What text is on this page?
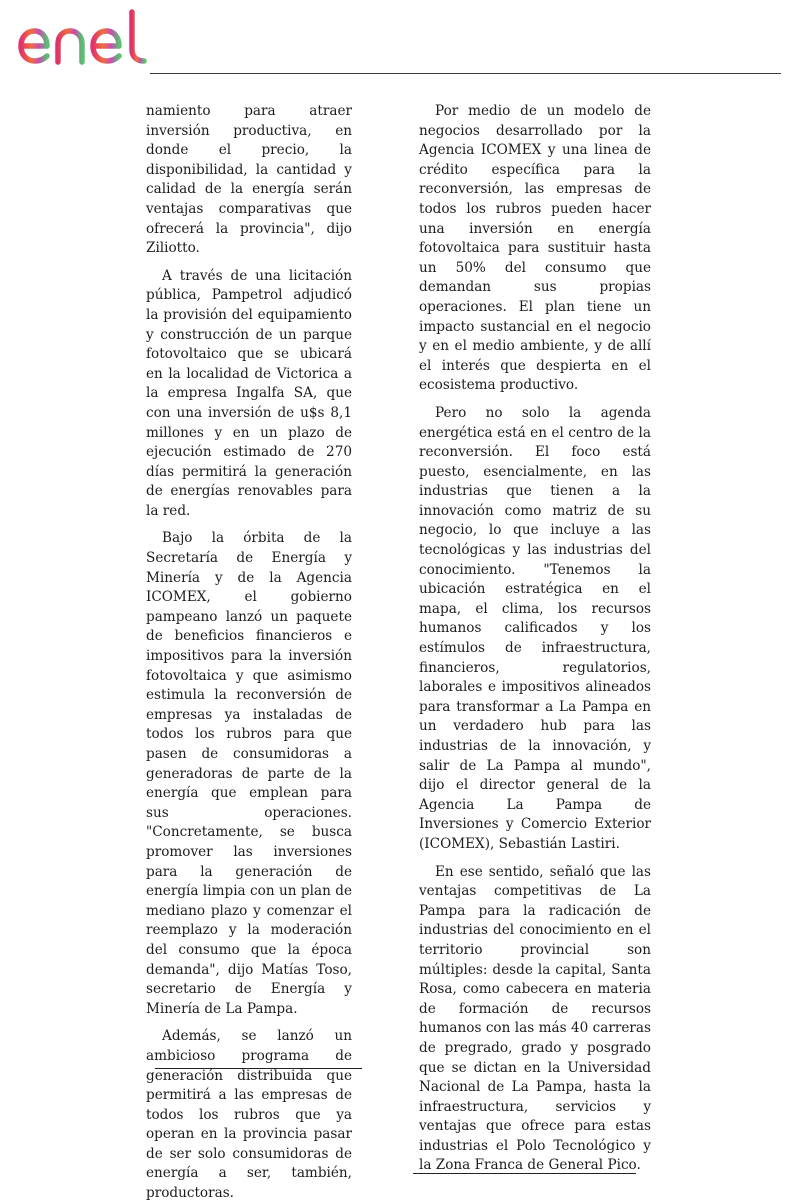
namiento para atraer inversión productiva, en donde el precio, la disponibilidad, la cantidad y calidad de la energía serán ventajas comparativas que ofrecerá la provincia", dijo Ziliotto.

A través de una licitación pública, Pampetrol adjudicó la provisión del equipamiento y construcción de un parque fotovoltaico que se ubicará en la localidad de Victorica a la empresa Ingalfa SA, que con una inversión de u$s 8,1 millones y en un plazo de ejecución estimado de 270 días permitirá la generación de energías renovables para la red.

Bajo la órbita de la Secretaría de Energía y Minería y de la Agencia ICOMEX, el gobierno pampeano lanzó un paquete de beneficios financieros e impositivos para la inversión fotovoltaica y que asimismo estimula la reconversión de empresas ya instaladas de todos los rubros para que pasen de consumidoras a generadoras de parte de la energía que emplean para sus operaciones. "Concretamente, se busca promover las inversiones para la generación de energía limpia con un plan de mediano plazo y comenzar el reemplazo y la moderación del consumo que la época demanda", dijo Matías Toso, secretario de Energía y Minería de La Pampa.

Además, se lanzó un ambicioso programa de generación distribuida que permitirá a las empresas de todos los rubros que ya operan en la provincia pasar de ser solo consumidoras de energía a ser, también, productoras.

Por medio de un modelo de negocios desarrollado por la Agencia ICOMEX y una linea de crédito específica para la reconversión, las empresas de todos los rubros pueden hacer una inversión en energía fotovoltaica para sustituir hasta un 50% del consumo que demandan sus propias operaciones. El plan tiene un impacto sustancial en el negocio y en el medio ambiente, y de allí el interés que despierta en el ecosistema productivo.

Pero no solo la agenda energética está en el centro de la reconversión. El foco está puesto, esencialmente, en las industrias que tienen a la innovación como matriz de su negocio, lo que incluye a las tecnológicas y las industrias del conocimiento. "Tenemos la ubicación estratégica en el mapa, el clima, los recursos humanos calificados y los estímulos de infraestructura, financieros, regulatorios, laborales e impositivos alineados para transformar a La Pampa en un verdadero hub para las industrias de la innovación, y salir de La Pampa al mundo", dijo el director general de la Agencia La Pampa de Inversiones y Comercio Exterior (ICOMEX), Sebastián Lastiri.

En ese sentido, señaló que las ventajas competitivas de La Pampa para la radicación de industrias del conocimiento en el territorio provincial son múltiples: desde la capital, Santa Rosa, como cabecera en materia de formación de recursos humanos con las más 40 carreras de pregrado, grado y posgrado que se dictan en la Universidad Nacional de La Pampa, hasta la infraestructura, servicios y ventajas que ofrece para estas industrias el Polo Tecnológico y la Zona Franca de General Pico.
